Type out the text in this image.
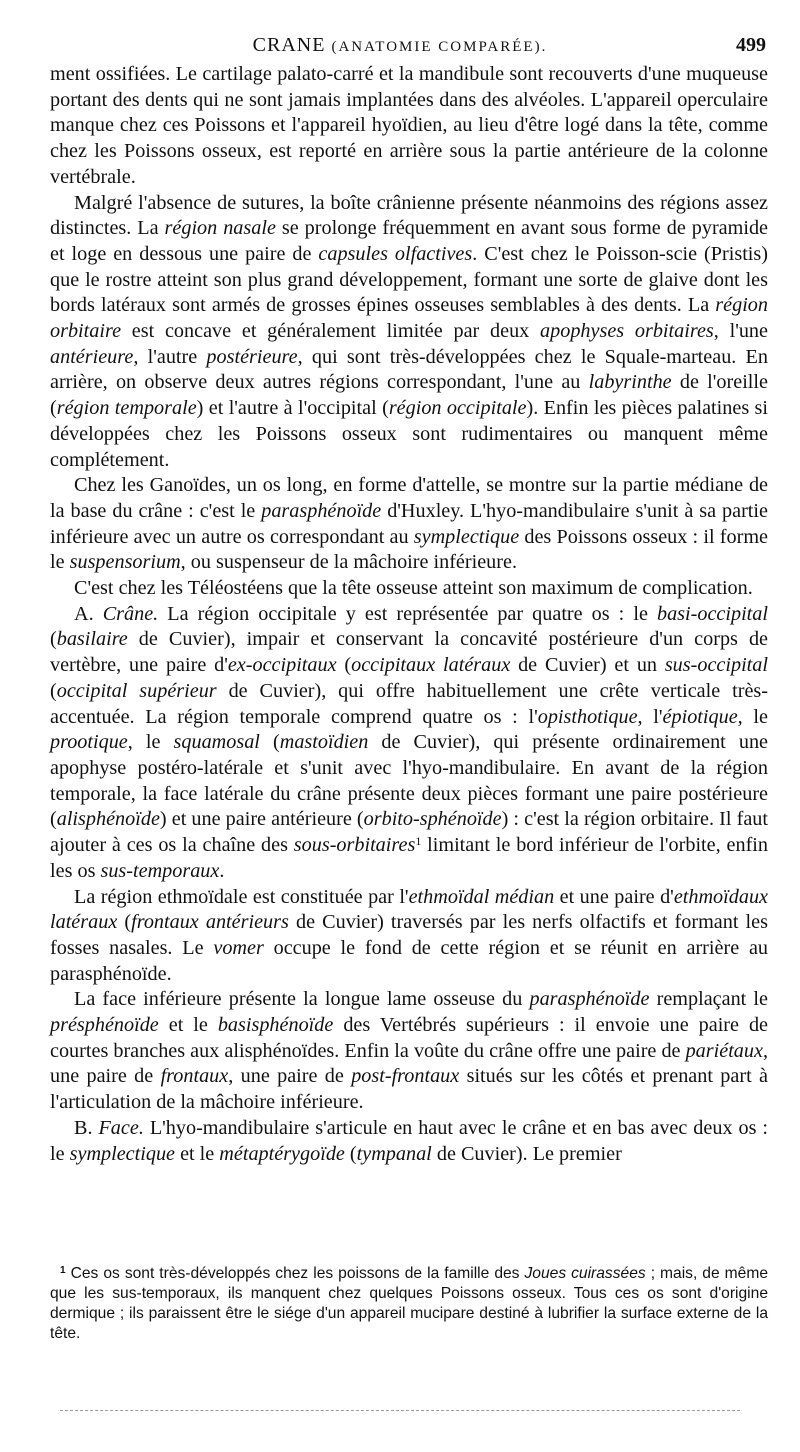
CRANE (ANATOMIE COMPARÉE).	499

ment ossifiées. Le cartilage palato-carré et la mandibule sont recouverts d'une muqueuse portant des dents qui ne sont jamais implantées dans des alvéoles. L'appareil operculaire manque chez ces Poissons et l'appareil hyoïdien, au lieu d'être logé dans la tête, comme chez les Poissons osseux, est reporté en arrière sous la partie antérieure de la colonne vertébrale.

Malgré l'absence de sutures, la boîte crânienne présente néanmoins des régions assez distinctes. La région nasale se prolonge fréquemment en avant sous forme de pyramide et loge en dessous une paire de capsules olfactives. C'est chez le Poisson-scie (Pristis) que le rostre atteint son plus grand développement, formant une sorte de glaive dont les bords latéraux sont armés de grosses épines osseuses semblables à des dents. La région orbitaire est concave et généralement limitée par deux apophyses orbitaires, l'une antérieure, l'autre postérieure, qui sont très-développées chez le Squale-marteau. En arrière, on observe deux autres régions correspondant, l'une au labyrinthe de l'oreille (région temporale) et l'autre à l'occipital (région occipitale). Enfin les pièces palatines si développées chez les Poissons osseux sont rudimentaires ou manquent même complétement.

Chez les Ganoïdes, un os long, en forme d'attelle, se montre sur la partie médiane de la base du crâne : c'est le parasphénoïde d'Huxley. L'hyo-mandibulaire s'unit à sa partie inférieure avec un autre os correspondant au symplectique des Poissons osseux : il forme le suspensorium, ou suspenseur de la mâchoire inférieure.

C'est chez les Téléostéens que la tête osseuse atteint son maximum de complication.

A. Crâne. La région occipitale y est représentée par quatre os : le basi-occipital (basilaire de Cuvier), impair et conservant la concavité postérieure d'un corps de vertèbre, une paire d'ex-occipitaux (occipitaux latéraux de Cuvier) et un sus-occipital (occipital supérieur de Cuvier), qui offre habituellement une crête verticale très-accentuée. La région temporale comprend quatre os : l'opisthotique, l'épiotique, le prootique, le squamosal (mastoïdien de Cuvier), qui présente ordinairement une apophyse postéro-latérale et s'unit avec l'hyo-mandibulaire. En avant de la région temporale, la face latérale du crâne présente deux pièces formant une paire postérieure (alisphénoïde) et une paire antérieure (orbito-sphénoïde) : c'est la région orbitaire. Il faut ajouter à ces os la chaîne des sous-orbitaires$^1$ limitant le bord inférieur de l'orbite, enfin les os sus-temporaux.

La région ethmoïdale est constituée par l'ethmoïdal médian et une paire d'ethmoïdaux latéraux (frontaux antérieurs de Cuvier) traversés par les nerfs olfactifs et formant les fosses nasales. Le vomer occupe le fond de cette région et se réunit en arrière au parasphénoïde.

La face inférieure présente la longue lame osseuse du parasphénoïde remplaçant le présphénoïde et le basisphénoïde des Vertébrés supérieurs : il envoie une paire de courtes branches aux alisphénoïdes. Enfin la voûte du crâne offre une paire de pariétaux, une paire de frontaux, une paire de post-frontaux situés sur les côtés et prenant part à l'articulation de la mâchoire inférieure.

B. Face. L'hyo-mandibulaire s'articule en haut avec le crâne et en bas avec deux os : le symplectique et le métaptérygoïde (tympanal de Cuvier). Le premier

$^1$ Ces os sont très-développés chez les poissons de la famille des Joues cuirassées ; mais, de même que les sus-temporaux, ils manquent chez quelques Poissons osseux. Tous ces os sont d'origine dermique ; ils paraissent être le siége d'un appareil mucipare destiné à lubrifier la surface externe de la tête.
